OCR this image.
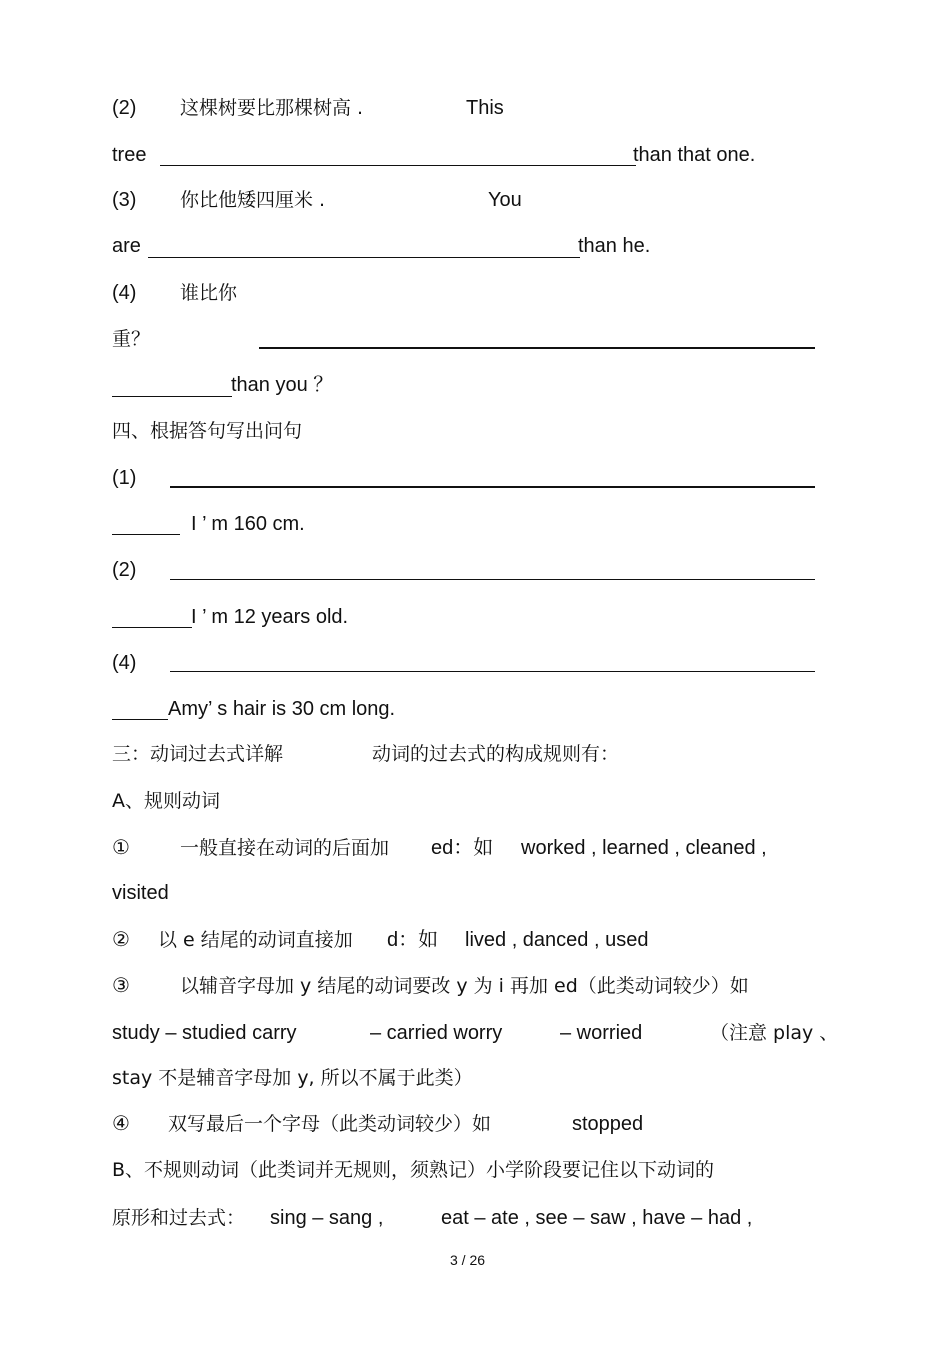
(2) 这棵树要比那棵树高 .	This
tree	than that one.
(3) 你比他矮四厘米 .	You
are	than he.
(4) 谁比你
重？
than you ？
四、根据答句写出问句
(1)
I ’ m 160 cm.
(2)
I ’ m 12 years old.
(4)
Amy’ s hair is 30 cm long.
三：动词过去式详解	动词的过去式的构成规则有：
A、规则动词
①	一般直接在动词的后面加 ed：如 worked , learned , cleaned ,
visited
② 以 e 结尾的动词直接加 d：如 lived , danced , used
③	以辅音字母加 y 结尾的动词要改 y 为 i 再加 ed（此类动词较少）如
study – studied carry	– carried worry	– worried	（注意 play 、
stay 不是辅音字母加 y, 所以不属于此类）
④ 双写最后一个字母（此类动词较少）如	stopped
B、不规则动词（此类词并无规则，须熟记）小学阶段要记住以下动词的
原形和过去式： sing – sang ,	eat – ate , see – saw , have – had ,
3 / 26
